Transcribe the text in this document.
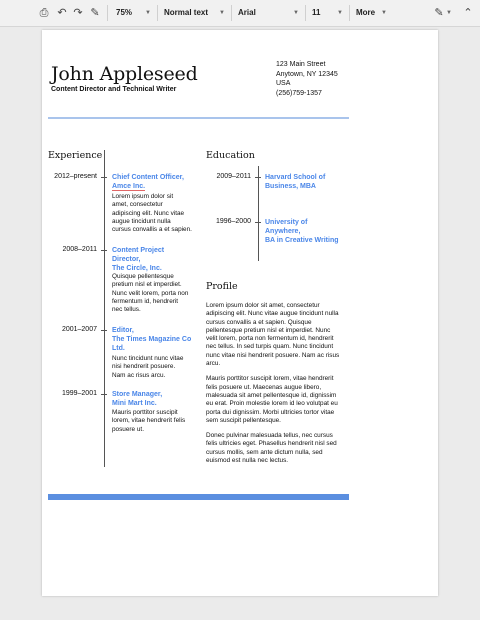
⎙ ↶ ↷ ✎	75% ▼	Normal text ▼	Arial	▼	11	▼	More ▼	✎ ▼ ⌃
John Appleseed
Content Director and Technical Writer
123 Main Street
Anytown, NY 12345
USA
(256)759-1357
Experience	Education
2012–present Chief Content Officer,
Amce Inc.
Lorem ipsum dolor sit
amet, consectetur
adipiscing elit. Nunc vitae
augue tincidunt nulla
cursus convallis a et sapien.
2008–2011 Content Project
Director,
The Circle, Inc.
Quisque pellentesque
pretium nisl et imperdiet.
Nunc velit lorem, porta non
fermentum id, hendrerit
nec tellus.
2001–2007 Editor,
The Times Magazine Co
Ltd.
Nunc tincidunt nunc vitae
nisi hendrerit posuere.
Nam ac risus arcu.
1999–2001 Store Manager,
Mini Mart Inc.
Mauris porttitor suscipit
lorem, vitae hendrerit felis
posuere ut.
2009–2011 Harvard School of
Business, MBA
1996–2000 University of
Anywhere,
BA in Creative Writing
Profile

Lorem ipsum dolor sit amet, consectetur
adipiscing elit. Nunc vitae augue tincidunt nulla
cursus convallis a et sapien. Quisque
pellentesque pretium nisl et imperdiet. Nunc
velit lorem, porta non fermentum id, hendrerit
nec tellus. In sed turpis quam. Nunc tincidunt
nunc vitae nisi hendrerit posuere. Nam ac risus
arcu.

Mauris porttitor suscipit lorem, vitae hendrerit
felis posuere ut. Maecenas augue libero,
malesuada sit amet pellentesque id, dignissim
eu erat. Proin molestie lorem id leo volutpat eu
porta dui dignissim. Morbi ultricies tortor vitae
sem suscipit pellentesque.

Donec pulvinar malesuada tellus, nec cursus
felis ultricies eget. Phasellus hendrerit nisl sed
cursus mollis, sem ante dictum nulla, sed
euismod est nulla nec lectus.
